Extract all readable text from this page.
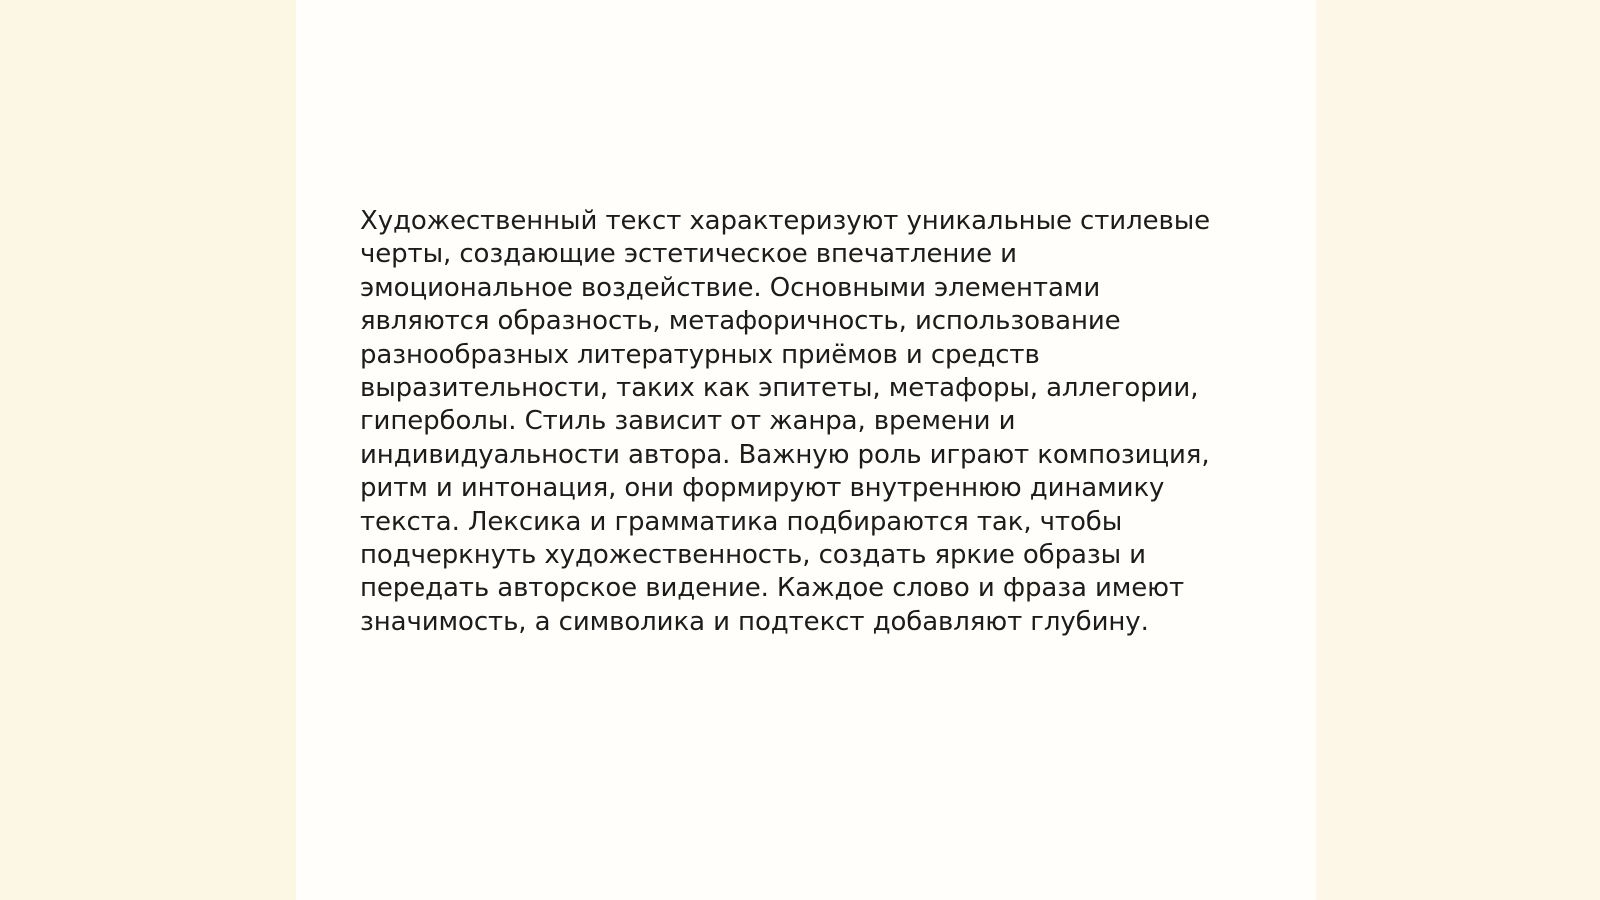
Художественный текст характеризуют уникальные стилевые
черты, создающие эстетическое впечатление и
эмоциональное воздействие. Основными элементами
являются образность, метафоричность, использование
разнообразных литературных приёмов и средств
выразительности, таких как эпитеты, метафоры, аллегории,
гиперболы. Стиль зависит от жанра, времени и
индивидуальности автора. Важную роль играют композиция,
ритм и интонация, они формируют внутреннюю динамику
текста. Лексика и грамматика подбираются так, чтобы
подчеркнуть художественность, создать яркие образы и
передать авторское видение. Каждое слово и фраза имеют
значимость, а символика и подтекст добавляют глубину.
